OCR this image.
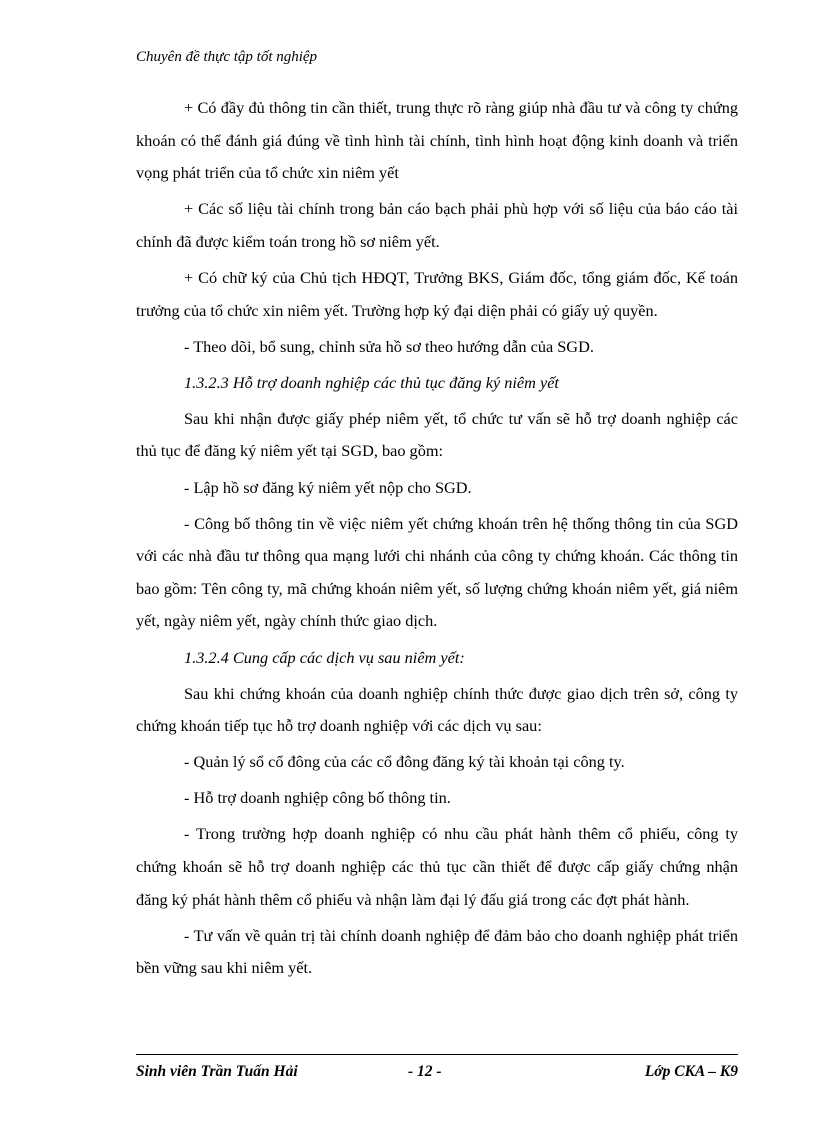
Chuyên đề thực tập tốt nghiệp

+ Có đầy đủ thông tin cần thiết, trung thực rõ ràng giúp nhà đầu tư và công ty chứng khoán có thể đánh giá đúng về tình hình tài chính, tình hình hoạt động kinh doanh và triển vọng phát triển của tổ chức xin niêm yết

+ Các số liệu tài chính trong bản cáo bạch phải phù hợp với số liệu của báo cáo tài chính đã được kiểm toán trong hồ sơ niêm yết.

+ Có chữ ký của Chủ tịch HĐQT, Trưởng BKS, Giám đốc, tổng giám đốc, Kế toán trưởng của tổ chức xin niêm yết. Trường hợp ký đại diện phải có giấy uỷ quyền.

- Theo dõi, bổ sung, chỉnh sửa hồ sơ theo hướng dẫn của SGD.

1.3.2.3 Hỗ trợ doanh nghiệp các thủ tục đăng ký niêm yết

Sau khi nhận được giấy phép niêm yết, tổ chức tư vấn sẽ hỗ trợ doanh nghiệp các thủ tục để đăng ký niêm yết tại SGD, bao gồm:

- Lập hồ sơ đăng ký niêm yết nộp cho SGD.

- Công bố thông tin về việc niêm yết chứng khoán trên hệ thống thông tin của SGD với các nhà đầu tư thông qua mạng lưới chi nhánh của công ty chứng khoán. Các thông tin bao gồm: Tên công ty, mã chứng khoán niêm yết, số lượng chứng khoán niêm yết, giá niêm yết, ngày niêm yết, ngày chính thức giao dịch.

1.3.2.4 Cung cấp các dịch vụ sau niêm yết:

Sau khi chứng khoán của doanh nghiệp chính thức được giao dịch trên sở, công ty chứng khoán tiếp tục hỗ trợ doanh nghiệp với các dịch vụ sau:

- Quản lý sổ cổ đông của các cổ đông đăng ký tài khoản tại công ty.

- Hỗ trợ doanh nghiệp công bố thông tin.

- Trong trường hợp doanh nghiệp có nhu cầu phát hành thêm cổ phiếu, công ty chứng khoán sẽ hỗ trợ doanh nghiệp các thủ tục cần thiết để được cấp giấy chứng nhận đăng ký phát hành thêm cổ phiếu và nhận làm đại lý đấu giá trong các đợt phát hành.

- Tư vấn về quản trị tài chính doanh nghiệp để đảm bảo cho doanh nghiệp phát triển bền vững sau khi niêm yết.

Sinh viên Trần Tuấn Hải	- 12 -	Lớp CKA – K9
